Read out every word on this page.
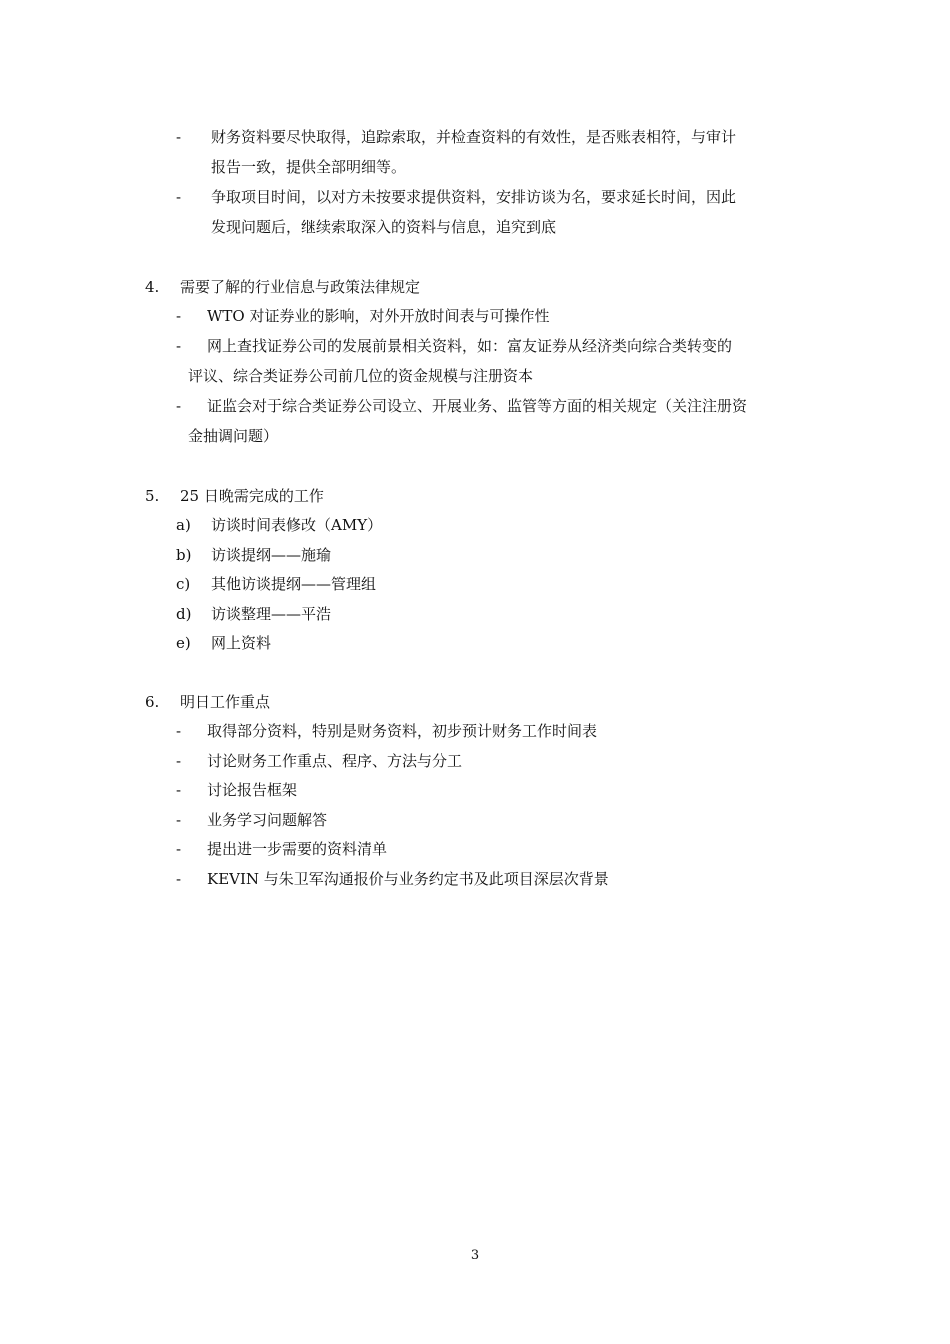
- 财务资料要尽快取得，追踪索取，并检查资料的有效性，是否账表相符，与审计
报告一致，提供全部明细等。
- 争取项目时间，以对方未按要求提供资料，安排访谈为名，要求延长时间，因此
发现问题后，继续索取深入的资料与信息，追究到底
4. 需要了解的行业信息与政策法律规定
- WTO 对证券业的影响，对外开放时间表与可操作性
- 网上查找证券公司的发展前景相关资料，如：富友证券从经济类向综合类转变的
评议、综合类证券公司前几位的资金规模与注册资本
- 证监会对于综合类证券公司设立、开展业务、监管等方面的相关规定（关注注册资
金抽调问题）
5. 25 日晚需完成的工作
a) 访谈时间表修改（AMY）
b) 访谈提纲——施瑜
c) 其他访谈提纲——管理组
d) 访谈整理——平浩
e) 网上资料
6. 明日工作重点
- 取得部分资料，特别是财务资料，初步预计财务工作时间表
- 讨论财务工作重点、程序、方法与分工
- 讨论报告框架
- 业务学习问题解答
- 提出进一步需要的资料清单
- KEVIN 与朱卫军沟通报价与业务约定书及此项目深层次背景
3
